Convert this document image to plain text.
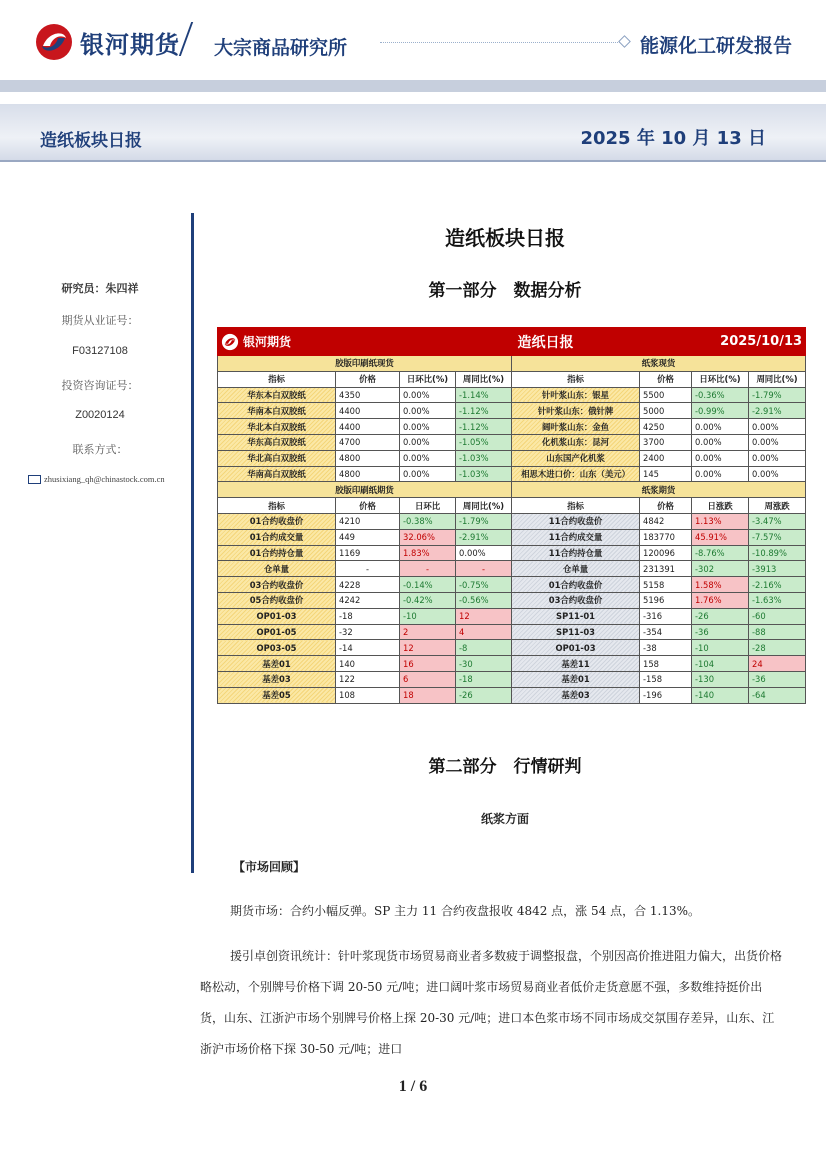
银河期货 大宗商品研究所	能源化工研发报告
造纸板块日报	2025 年 10 月 13 日
研究员：朱四祥
期货从业证号：
F03127108
投资咨询证号：
Z0020124
联系方式：
zhusixiang_qh@chinastock.com.cn
造纸板块日报
第一部分　数据分析
银河期货		造纸日报				2025/10/13	
胶版印刷纸现货				纸浆现货			
指标	价格	日环比(%)	周同比(%)	指标	价格	日环比(%)	周同比(%)
华东本白双胶纸	4350	0.00%	-1.14%	针叶浆山东：银星	5500	-0.36%	-1.79%
华南本白双胶纸	4400	0.00%	-1.12%	针叶浆山东：俄针牌	5000	-0.99%	-2.91%
华北本白双胶纸	4400	0.00%	-1.12%	阔叶浆山东：金鱼	4250	0.00%	0.00%
华东高白双胶纸	4700	0.00%	-1.05%	化机浆山东：昆河	3700	0.00%	0.00%
华北高白双胶纸	4800	0.00%	-1.03%	山东国产化机浆	2400	0.00%	0.00%
华南高白双胶纸	4800	0.00%	-1.03%	相思木进口价：山东（美元）	145	0.00%	0.00%
胶版印刷纸期货				纸浆期货			
指标	价格	日环比	周同比(%)	指标	价格	日涨跌	周涨跌
01合约收盘价	4210	-0.38%	-1.79%	11合约收盘价	4842	1.13%	-3.47%
01合约成交量	449	32.06%	-2.91%	11合约成交量	183770	45.91%	-7.57%
01合约持仓量	1169	1.83%	0.00%	11合约持仓量	120096	-8.76%	-10.89%
仓单量	-	-	-	仓单量	231391	-302	-3913
03合约收盘价	4228	-0.14%	-0.75%	01合约收盘价	5158	1.58%	-2.16%
05合约收盘价	4242	-0.42%	-0.56%	03合约收盘价	5196	1.76%	-1.63%
OP01-03	-18	-10	12	SP11-01	-316	-26	-60
OP01-05	-32	2	4	SP11-03	-354	-36	-88
OP03-05	-14	12	-8	OP01-03	-38	-10	-28
基差01	140	16	-30	基差11	158	-104	24
基差03	122	6	-18	基差01	-158	-130	-36
基差05	108	18	-26	基差03	-196	-140	-64
第二部分　行情研判
纸浆方面
【市场回顾】
期货市场：合约小幅反弹。SP 主力 11 合约夜盘报收 4842 点，涨 54 点，合 1.13%。
援引卓创资讯统计：针叶浆现货市场贸易商业者多数疲于调整报盘，个别因高价推进阻力偏大，出货价格略松动，个别牌号价格下调 20-50 元/吨；进口阔叶浆市场贸易商业者低价走货意愿不强，多数维持挺价出货，山东、江浙沪市场个别牌号价格上探 20-30 元/吨；进口本色浆市场不同市场成交氛围存差异，山东、江浙沪市场价格下探 30-50 元/吨；进口
1 / 6
